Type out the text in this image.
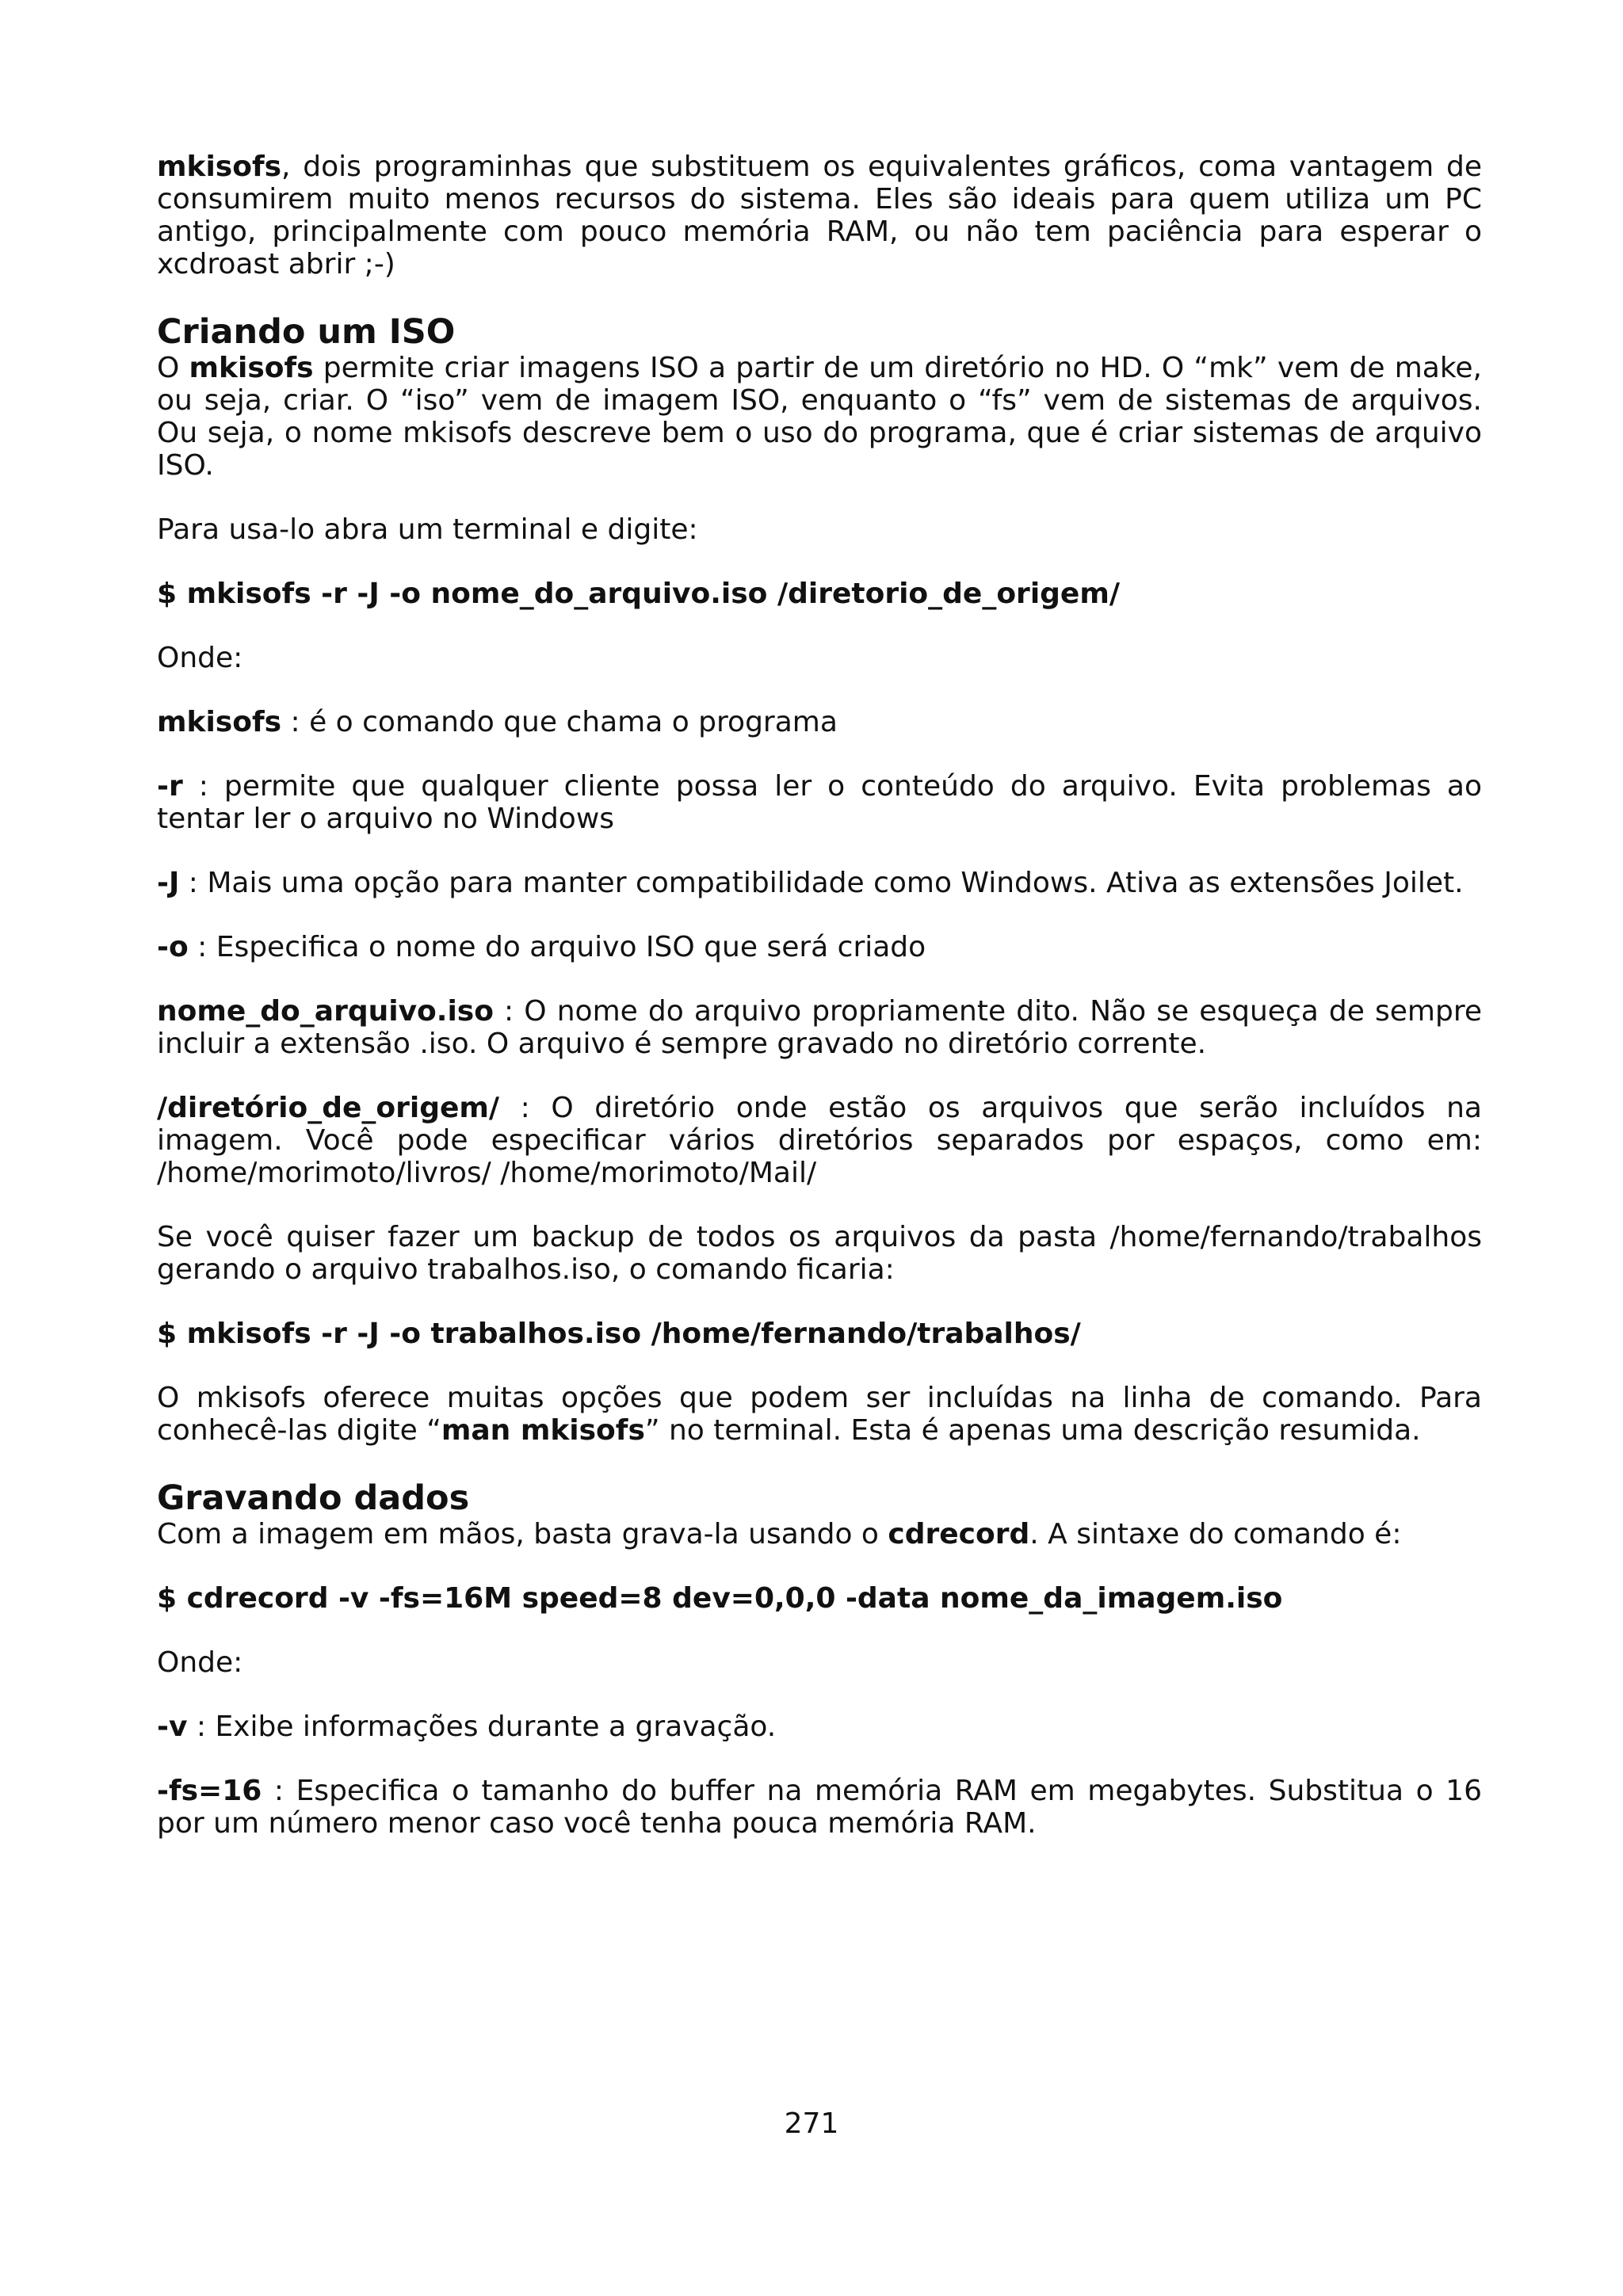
mkisofs, dois programinhas que substituem os equivalentes gráficos, coma vantagem de consumirem muito menos recursos do sistema. Eles são ideais para quem utiliza um PC antigo, principalmente com pouco memória RAM, ou não tem paciência para esperar o xcdroast abrir ;-)

Criando um ISO

O mkisofs permite criar imagens ISO a partir de um diretório no HD. O “mk” vem de make, ou seja, criar. O “iso” vem de imagem ISO, enquanto o “fs” vem de sistemas de arquivos. Ou seja, o nome mkisofs descreve bem o uso do programa, que é criar sistemas de arquivo ISO.

Para usa-lo abra um terminal e digite:

$ mkisofs -r -J -o nome_do_arquivo.iso /diretorio_de_origem/

Onde:

mkisofs : é o comando que chama o programa

-r : permite que qualquer cliente possa ler o conteúdo do arquivo. Evita problemas ao tentar ler o arquivo no Windows

-J : Mais uma opção para manter compatibilidade como Windows. Ativa as extensões Joilet.

-o : Especifica o nome do arquivo ISO que será criado

nome_do_arquivo.iso : O nome do arquivo propriamente dito. Não se esqueça de sempre incluir a extensão .iso. O arquivo é sempre gravado no diretório corrente.

/diretório_de_origem/ : O diretório onde estão os arquivos que serão incluídos na imagem. Você pode especificar vários diretórios separados por espaços, como em: /home/morimoto/livros/ /home/morimoto/Mail/

Se você quiser fazer um backup de todos os arquivos da pasta /home/fernando/trabalhos gerando o arquivo trabalhos.iso, o comando ficaria:

$ mkisofs -r -J -o trabalhos.iso /home/fernando/trabalhos/

O mkisofs oferece muitas opções que podem ser incluídas na linha de comando. Para conhecê-las digite “man mkisofs” no terminal. Esta é apenas uma descrição resumida.

Gravando dados

Com a imagem em mãos, basta grava-la usando o cdrecord. A sintaxe do comando é:

$ cdrecord -v -fs=16M speed=8 dev=0,0,0 -data nome_da_imagem.iso

Onde:

-v : Exibe informações durante a gravação.

-fs=16 : Especifica o tamanho do buffer na memória RAM em megabytes. Substitua o 16 por um número menor caso você tenha pouca memória RAM.

271
